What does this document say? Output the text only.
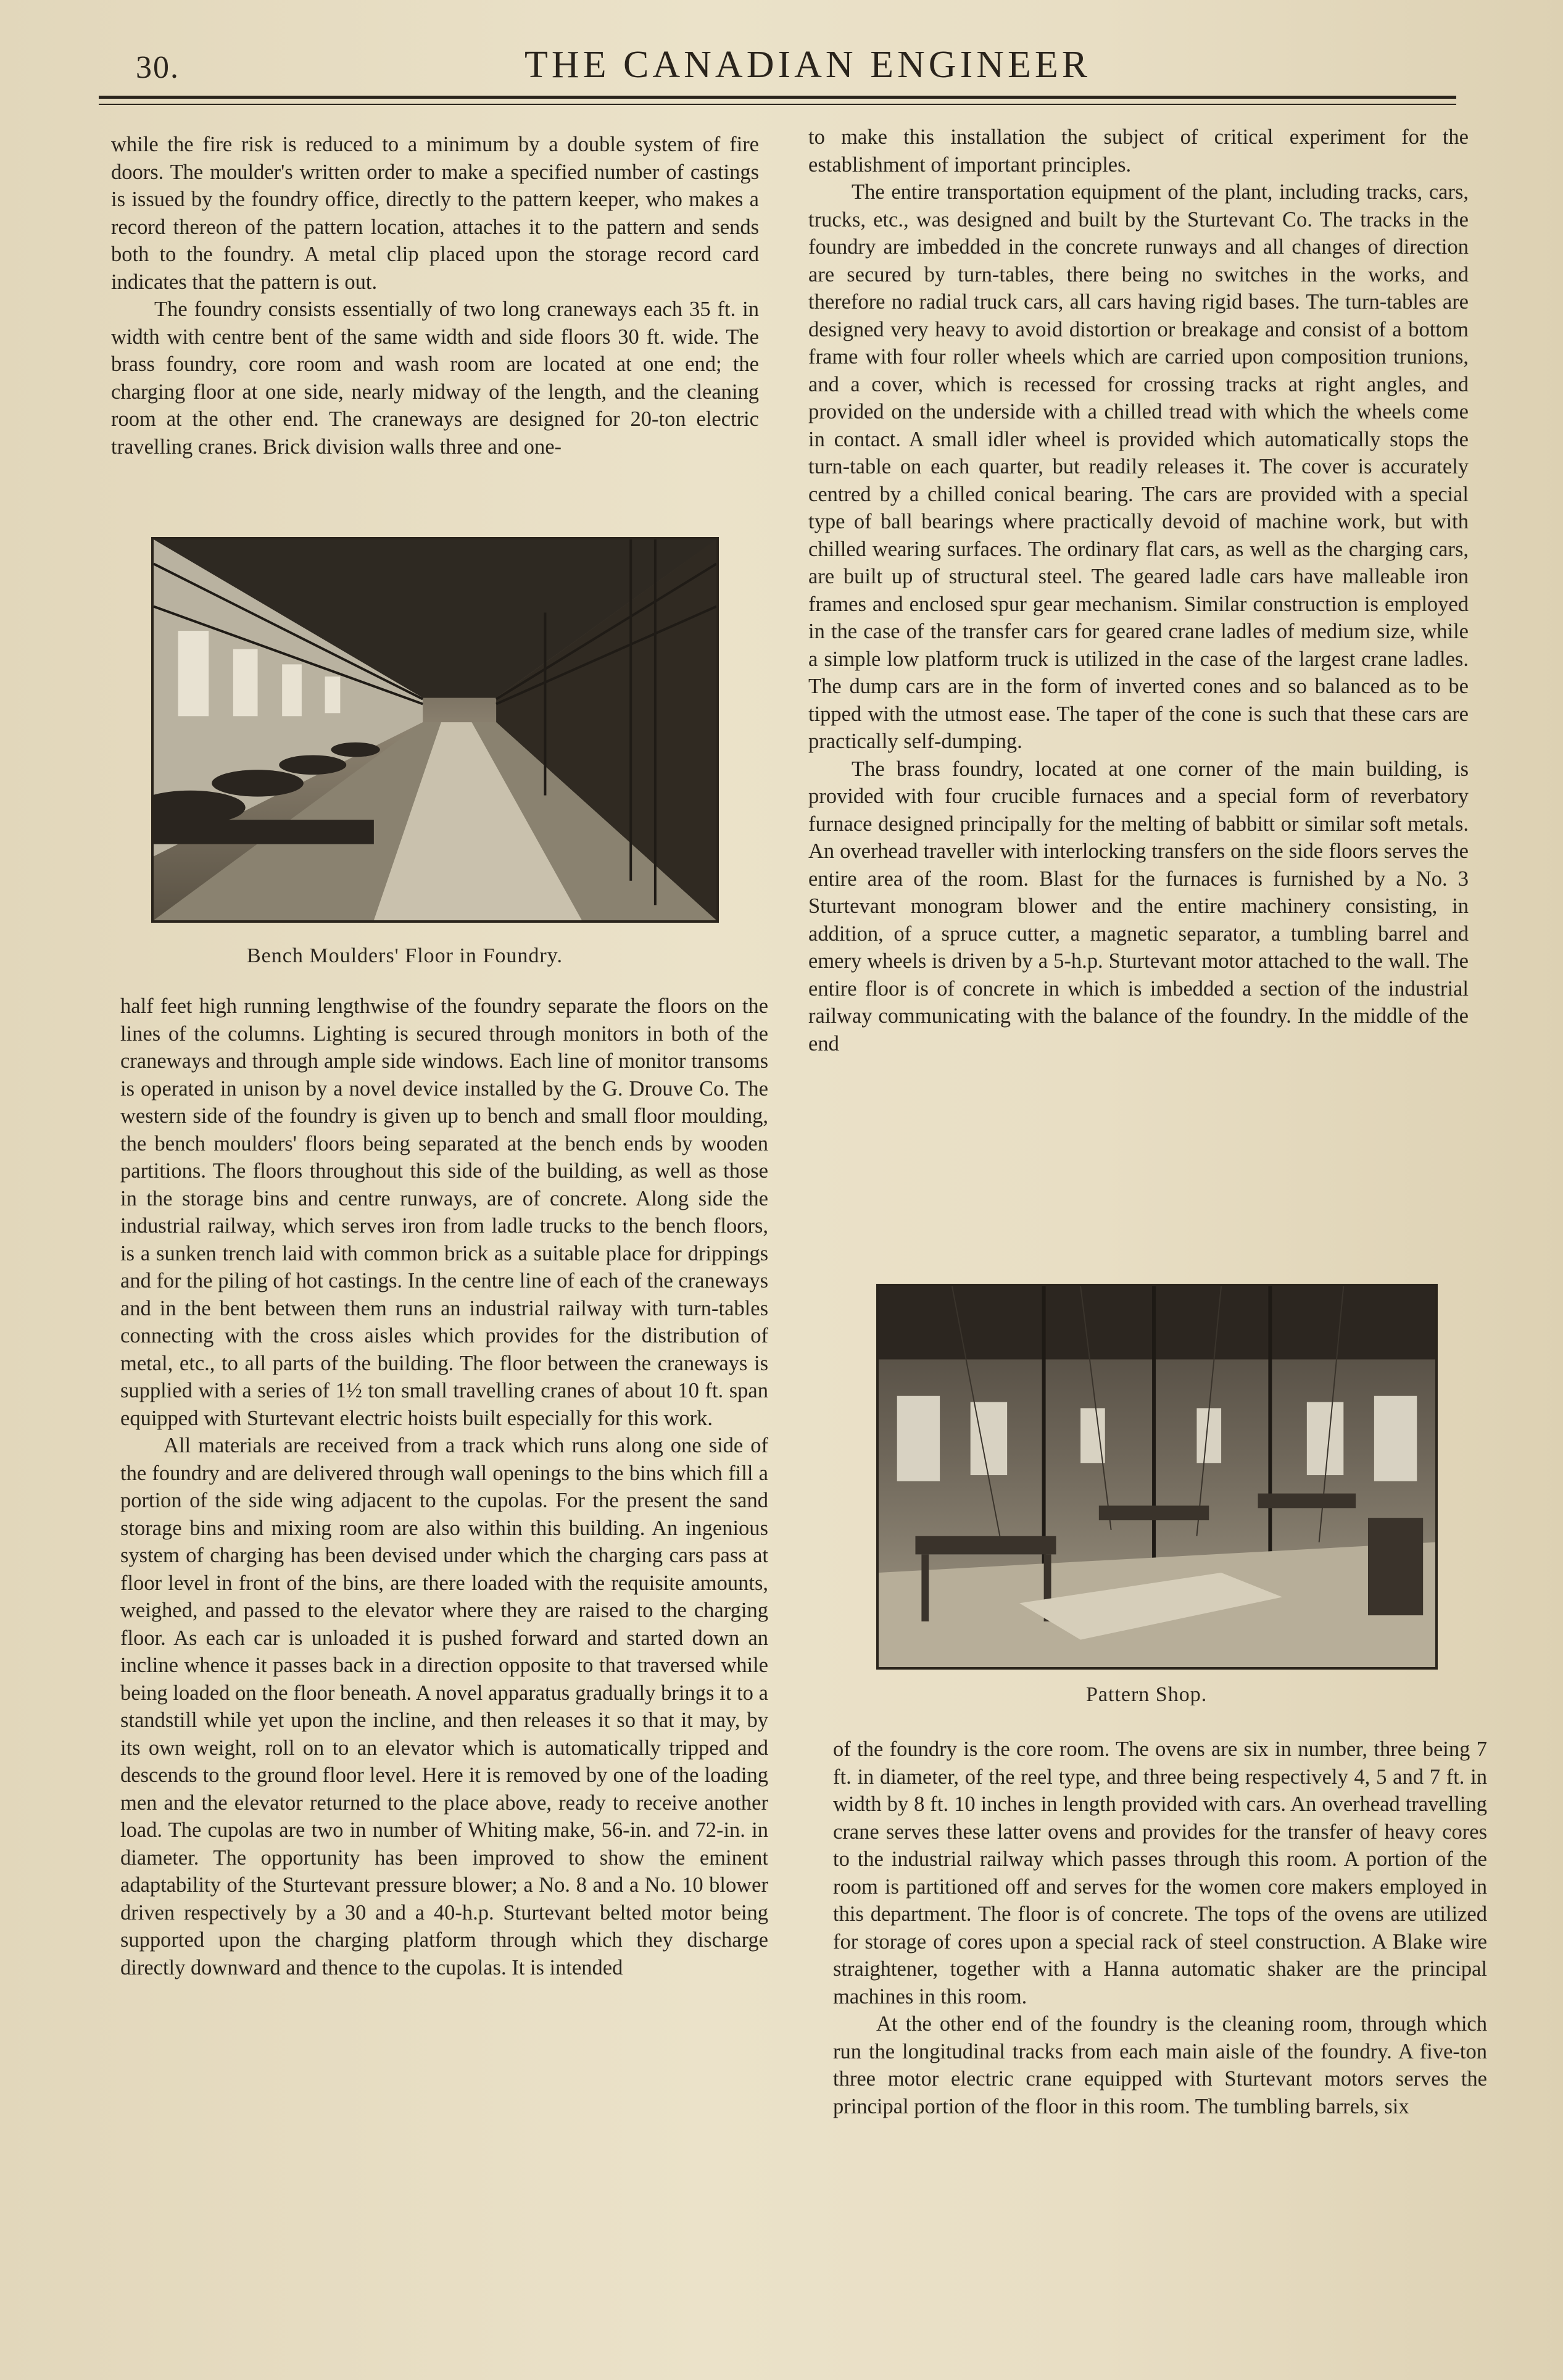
30.	THE CANADIAN ENGINEER

while the fire risk is reduced to a minimum by a double system of fire doors. The moulder's written order to make a specified number of castings is issued by the foundry office, directly to the pattern keeper, who makes a record thereon of the pattern location, attaches it to the pattern and sends both to the foundry. A metal clip placed upon the storage record card indicates that the pattern is out.

The foundry consists essentially of two long craneways each 35 ft. in width with centre bent of the same width and side floors 30 ft. wide. The brass foundry, core room and wash room are located at one end; the charging floor at one side, nearly midway of the length, and the cleaning room at the other end. The craneways are designed for 20-ton electric travelling cranes. Brick division walls three and one-

Bench Moulders' Floor in Foundry.

half feet high running lengthwise of the foundry separate the floors on the lines of the columns. Lighting is secured through monitors in both of the craneways and through ample side windows. Each line of monitor transoms is operated in unison by a novel device installed by the G. Drouve Co. The western side of the foundry is given up to bench and small floor moulding, the bench moulders' floors being separated at the bench ends by wooden partitions. The floors throughout this side of the building, as well as those in the storage bins and centre runways, are of concrete. Along side the industrial railway, which serves iron from ladle trucks to the bench floors, is a sunken trench laid with common brick as a suitable place for drippings and for the piling of hot castings. In the centre line of each of the craneways and in the bent between them runs an industrial railway with turn-tables connecting with the cross aisles which provides for the distribution of metal, etc., to all parts of the building. The floor between the craneways is supplied with a series of 1½ ton small travelling cranes of about 10 ft. span equipped with Sturtevant electric hoists built especially for this work.

All materials are received from a track which runs along one side of the foundry and are delivered through wall openings to the bins which fill a portion of the side wing adjacent to the cupolas. For the present the sand storage bins and mixing room are also within this building. An ingenious system of charging has been devised under which the charging cars pass at floor level in front of the bins, are there loaded with the requisite amounts, weighed, and passed to the elevator where they are raised to the charging floor. As each car is unloaded it is pushed forward and started down an incline whence it passes back in a direction opposite to that traversed while being loaded on the floor beneath. A novel apparatus gradually brings it to a standstill while yet upon the incline, and then releases it so that it may, by its own weight, roll on to an elevator which is automatically tripped and descends to the ground floor level. Here it is removed by one of the loading men and the elevator returned to the place above, ready to receive another load. The cupolas are two in number of Whiting make, 56-in. and 72-in. in diameter. The opportunity has been improved to show the eminent adaptability of the Sturtevant pressure blower; a No. 8 and a No. 10 blower driven respectively by a 30 and a 40-h.p. Sturtevant belted motor being supported upon the charging platform through which they discharge directly downward and thence to the cupolas. It is intended

to make this installation the subject of critical experiment for the establishment of important principles.

The entire transportation equipment of the plant, including tracks, cars, trucks, etc., was designed and built by the Sturtevant Co. The tracks in the foundry are imbedded in the concrete runways and all changes of direction are secured by turn-tables, there being no switches in the works, and therefore no radial truck cars, all cars having rigid bases. The turn-tables are designed very heavy to avoid distortion or breakage and consist of a bottom frame with four roller wheels which are carried upon composition trunions, and a cover, which is recessed for crossing tracks at right angles, and provided on the underside with a chilled tread with which the wheels come in contact. A small idler wheel is provided which automatically stops the turn-table on each quarter, but readily releases it. The cover is accurately centred by a chilled conical bearing. The cars are provided with a special type of ball bearings where practically devoid of machine work, but with chilled wearing surfaces. The ordinary flat cars, as well as the charging cars, are built up of structural steel. The geared ladle cars have malleable iron frames and enclosed spur gear mechanism. Similar construction is employed in the case of the transfer cars for geared crane ladles of medium size, while a simple low platform truck is utilized in the case of the largest crane ladles. The dump cars are in the form of inverted cones and so balanced as to be tipped with the utmost ease. The taper of the cone is such that these cars are practically self-dumping.

The brass foundry, located at one corner of the main building, is provided with four crucible furnaces and a special form of reverbatory furnace designed principally for the melting of babbitt or similar soft metals. An overhead traveller with interlocking transfers on the side floors serves the entire area of the room. Blast for the furnaces is furnished by a No. 3 Sturtevant monogram blower and the entire machinery consisting, in addition, of a spruce cutter, a magnetic separator, a tumbling barrel and emery wheels is driven by a 5-h.p. Sturtevant motor attached to the wall. The entire floor is of concrete in which is imbedded a section of the industrial railway communicating with the balance of the foundry. In the middle of the end

Pattern Shop.

of the foundry is the core room. The ovens are six in number, three being 7 ft. in diameter, of the reel type, and three being respectively 4, 5 and 7 ft. in width by 8 ft. 10 inches in length provided with cars. An overhead travelling crane serves these latter ovens and provides for the transfer of heavy cores to the industrial railway which passes through this room. A portion of the room is partitioned off and serves for the women core makers employed in this department. The floor is of concrete. The tops of the ovens are utilized for storage of cores upon a special rack of steel construction. A Blake wire straightener, together with a Hanna automatic shaker are the principal machines in this room.

At the other end of the foundry is the cleaning room, through which run the longitudinal tracks from each main aisle of the foundry. A five-ton three motor electric crane equipped with Sturtevant motors serves the principal portion of the floor in this room. The tumbling barrels, six
